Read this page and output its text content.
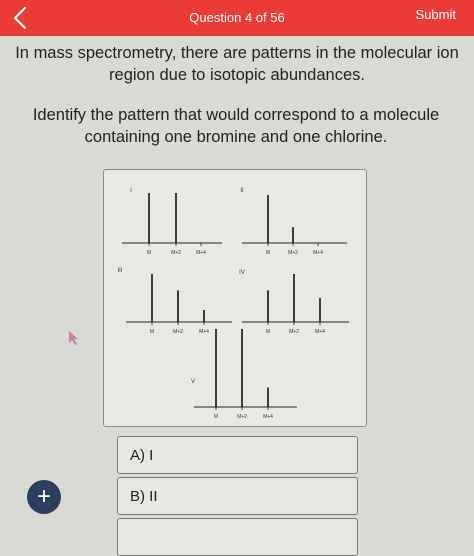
Question 4 of 56	Submit
In mass spectrometry, there are patterns in the molecular ion region due to isotopic abundances.
Identify the pattern that would correspond to a molecule containing one bromine and one chlorine.
I
M	M+2	M+4
II
M	M+2	M+4
III
M	M+2	M+4
IV
M	M+2	M+4
V
M	M+2	M+4
A) I
B) II
+
